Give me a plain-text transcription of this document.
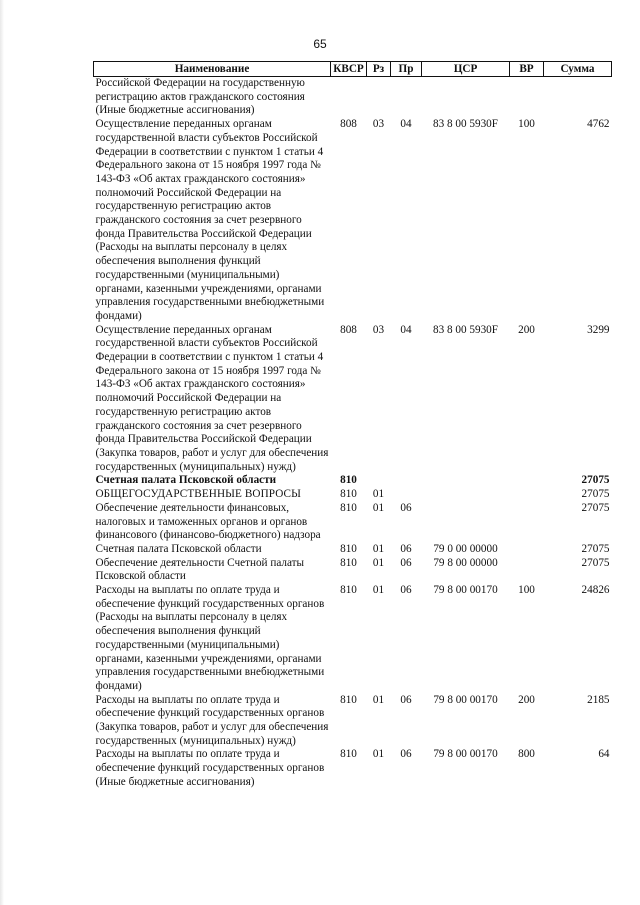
65
Наименование	КВСР	Рз	Пр	ЦСР	ВР	Сумма
Российской Федерации на государственную регистрацию актов гражданского состояния (Иные бюджетные ассигнования)						
Осуществление переданных органам государственной власти субъектов Российской Федерации в соответствии с пунктом 1 статьи 4 Федерального закона от 15 ноября 1997 года № 143-ФЗ «Об актах гражданского состояния» полномочий Российской Федерации на государственную регистрацию актов гражданского состояния за счет резервного фонда Правительства Российской Федерации (Расходы на выплаты персоналу в целях обеспечения выполнения функций государственными (муниципальными) органами, казенными учреждениями, органами управления государственными внебюджетными фондами)	808	03	04	83 8 00 5930F	100	4762
Осуществление переданных органам государственной власти субъектов Российской Федерации в соответствии с пунктом 1 статьи 4 Федерального закона от 15 ноября 1997 года № 143-ФЗ «Об актах гражданского состояния» полномочий Российской Федерации на государственную регистрацию актов гражданского состояния за счет резервного фонда Правительства Российской Федерации (Закупка товаров, работ и услуг для обеспечения государственных (муниципальных) нужд)	808	03	04	83 8 00 5930F	200	3299
Счетная палата Псковской области	810					27075
ОБЩЕГОСУДАРСТВЕННЫЕ ВОПРОСЫ	810	01				27075
Обеспечение деятельности финансовых, налоговых и таможенных органов и органов финансового (финансово-бюджетного) надзора	810	01	06			27075
Счетная палата Псковской области	810	01	06	79 0 00 00000		27075
Обеспечение деятельности Счетной палаты Псковской области	810	01	06	79 8 00 00000		27075
Расходы на выплаты по оплате труда и обеспечение функций государственных органов (Расходы на выплаты персоналу в целях обеспечения выполнения функций государственными (муниципальными) органами, казенными учреждениями, органами управления государственными внебюджетными фондами)	810	01	06	79 8 00 00170	100	24826
Расходы на выплаты по оплате труда и обеспечение функций государственных органов (Закупка товаров, работ и услуг для обеспечения государственных (муниципальных) нужд)	810	01	06	79 8 00 00170	200	2185
Расходы на выплаты по оплате труда и обеспечение функций государственных органов (Иные бюджетные ассигнования)	810	01	06	79 8 00 00170	800	64
